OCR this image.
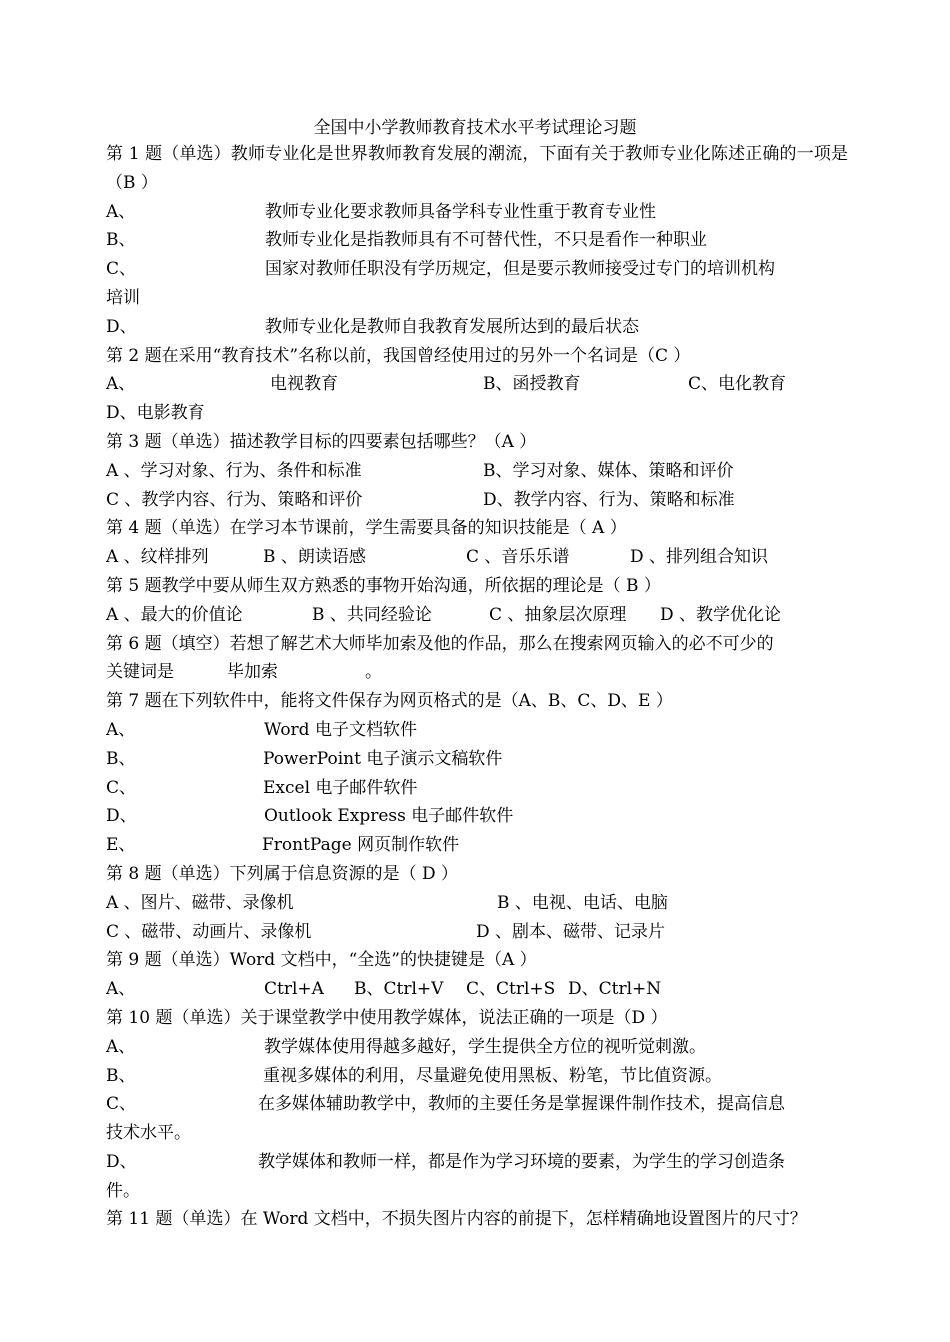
全国中小学教师教育技术水平考试理论习题
第 1 题（单选）教师专业化是世界教师教育发展的潮流，下面有关于教师专业化陈述正确的一项是（B ）
A、	教师专业化要求教师具备学科专业性重于教育专业性
B、	教师专业化是指教师具有不可替代性，不只是看作一种职业
C、	国家对教师任职没有学历规定，但是要示教师接受过专门的培训机构
培训
D、	教师专业化是教师自我教育发展所达到的最后状态
第 2 题在采用“教育技术”名称以前，我国曾经使用过的另外一个名词是（C ）
A、	电视教育	B、函授教育	C、电化教育
D、电影教育
第 3 题（单选）描述教学目标的四要素包括哪些？（A ）
A 、学习对象、行为、条件和标准	B、学习对象、媒体、策略和评价
C 、教学内容、行为、策略和评价	D、教学内容、行为、策略和标准
第 4 题（单选）在学习本节课前，学生需要具备的知识技能是（ A ）
A 、纹样排列	B 、朗读语感	C 、音乐乐谱	D 、排列组合知识
第 5 题教学中要从师生双方熟悉的事物开始沟通，所依据的理论是（ B ）
A 、最大的价值论	B 、共同经验论	C 、抽象层次原理 D 、教学优化论
第 6 题（填空）若想了解艺术大师毕加索及他的作品，那么在搜索网页输入的必不可少的
关键词是	毕加索	。
第 7 题在下列软件中，能将文件保存为网页格式的是（A、B、C、D、E ）
A、	Word 电子文档软件
B、	PowerPoint 电子演示文稿软件
C、	Excel 电子邮件软件
D、	Outlook Express 电子邮件软件
E、	FrontPage 网页制作软件
第 8 题（单选）下列属于信息资源的是（ D ）
A 、图片、磁带、录像机	B 、电视、电话、电脑
C 、磁带、动画片、录像机	D 、剧本、磁带、记录片
第 9 题（单选）Word 文档中，“全选”的快捷键是（A ）
A、	Ctrl+A B、Ctrl+V C、Ctrl+S D、Ctrl+N
第 10 题（单选）关于课堂教学中使用教学媒体，说法正确的一项是（D ）
A、	教学媒体使用得越多越好，学生提供全方位的视听觉刺激。
B、	重视多媒体的利用，尽量避免使用黑板、粉笔，节比值资源。
C、	在多媒体辅助教学中，教师的主要任务是掌握课件制作技术，提高信息
技术水平。
D、	教学媒体和教师一样，都是作为学习环境的要素，为学生的学习创造条
件。
第 11 题（单选）在 Word 文档中，不损失图片内容的前提下，怎样精确地设置图片的尺寸？
